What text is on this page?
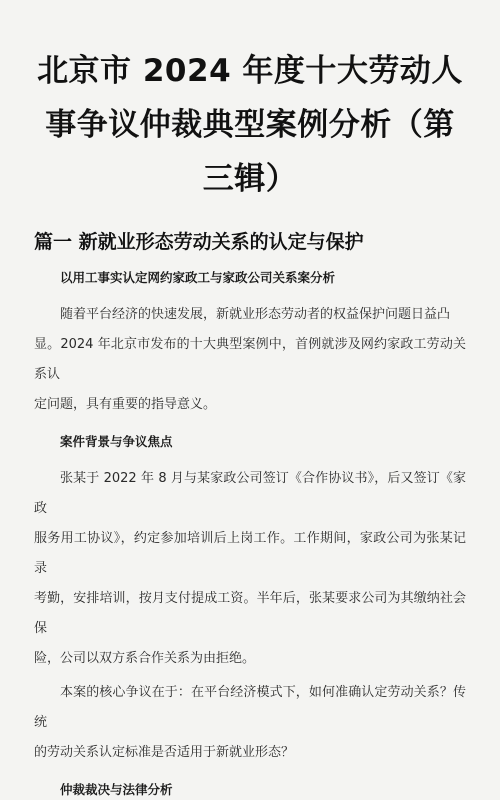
北京市 2024 年度十大劳动人
事争议仲裁典型案例分析（第
三辑）
篇一 新就业形态劳动关系的认定与保护
以用工事实认定网约家政工与家政公司关系案分析

随着平台经济的快速发展，新就业形态劳动者的权益保护问题日益凸
显。2024 年北京市发布的十大典型案例中，首例就涉及网约家政工劳动关系认
定问题，具有重要的指导意义。

案件背景与争议焦点

张某于 2022 年 8 月与某家政公司签订《合作协议书》，后又签订《家政
服务用工协议》，约定参加培训后上岗工作。工作期间，家政公司为张某记录
考勤，安排培训，按月支付提成工资。半年后，张某要求公司为其缴纳社会保
险，公司以双方系合作关系为由拒绝。

本案的核心争议在于：在平台经济模式下，如何准确认定劳动关系？传统
的劳动关系认定标准是否适用于新就业形态？

仲裁裁决与法律分析
